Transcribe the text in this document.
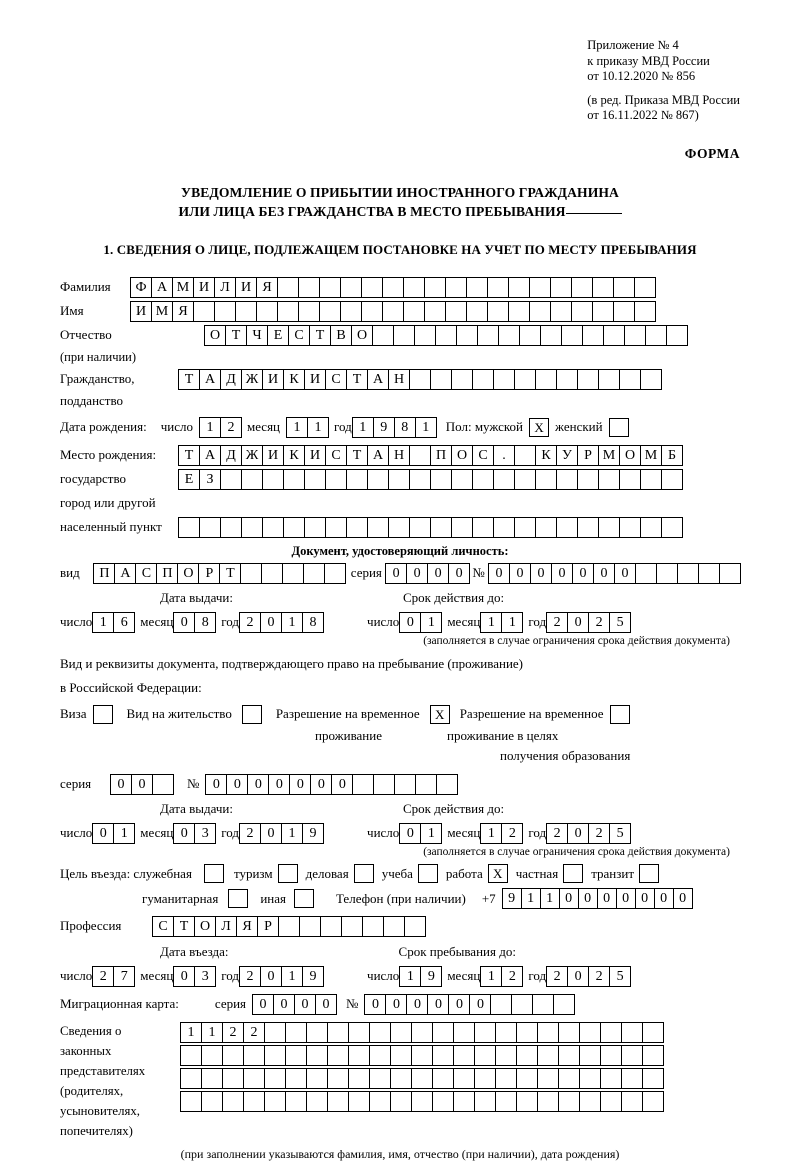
Приложение № 4
к приказу МВД России
от 10.12.2020 № 856
(в ред. Приказа МВД России
от 16.11.2022 № 867)
ФОРМА
УВЕДОМЛЕНИЕ О ПРИБЫТИИ ИНОСТРАННОГО ГРАЖДАНИНА
ИЛИ ЛИЦА БЕЗ ГРАЖДАНСТВА В МЕСТО ПРЕБЫВАНИЯ
1. СВЕДЕНИЯ О ЛИЦЕ, ПОДЛЕЖАЩЕМ ПОСТАНОВКЕ НА УЧЕТ ПО МЕСТУ ПРЕБЫВАНИЯ
Фамилия	Ф А М И Л И Я
Имя	И М Я
Отчество	О Т Ч Е С Т В О
(при наличии)
Гражданство,	Т А Д Ж И К И С Т А Н
подданство
Дата рождения: число 1	2 месяц 1	1 год 1	9	8	1	Пол: мужской Х женский
Место рождения:	Т А Д Ж И К И С Т А Н	П О С	.	К У Р М О М Б
государство	Е З
город или другой
населенный пункт
Документ, удостоверяющий личность:
вид	П А С П О Р Т	серия 0	0	0	0 № 0	0	0	0	0	0	0
Дата выдачи:	Срок действия до:
число 1	6 месяц 0	8 год 2	0	1	8	число 0	1 месяц 1	1 год 2	0	2	5
(заполняется в случае ограничения срока действия документа)
Вид и реквизиты документа, подтверждающего право на пребывание (проживание)
в Российской Федерации:
Виза	Вид на жительство	Разрешение на временное	Х	Разрешение на временное
проживание	проживание в целях
получения образования
серия	0	0	№ 0	0	0	0	0	0	0
Дата выдачи:	Срок действия до:
число 0	1 месяц 0	3 год 2	0	1	9	число 0	1 месяц 1	2 год 2	0	2	5
(заполняется в случае ограничения срока действия документа)
Цель въезда: служебная	туризм	деловая	учеба	работа Х	частная	транзит
гуманитарная	иная	Телефон (при наличии) +7 9 1 1 0 0 0 0 0 0 0
Профессия	С Т О Л Я Р
Дата въезда:	Срок пребывания до:
число 2	7 месяц 0	3 год 2	0	1	9	число 1	9 месяц 1	2 год 2	0	2	5
Миграционная карта:	серия 0	0	0	0	№ 0	0	0	0	0	0
Сведения о
законных
представителях
(родителях,
усыновителях,
попечителях)
1	1	2	2
(при заполнении указываются фамилия, имя, отчество (при наличии), дата рождения)
